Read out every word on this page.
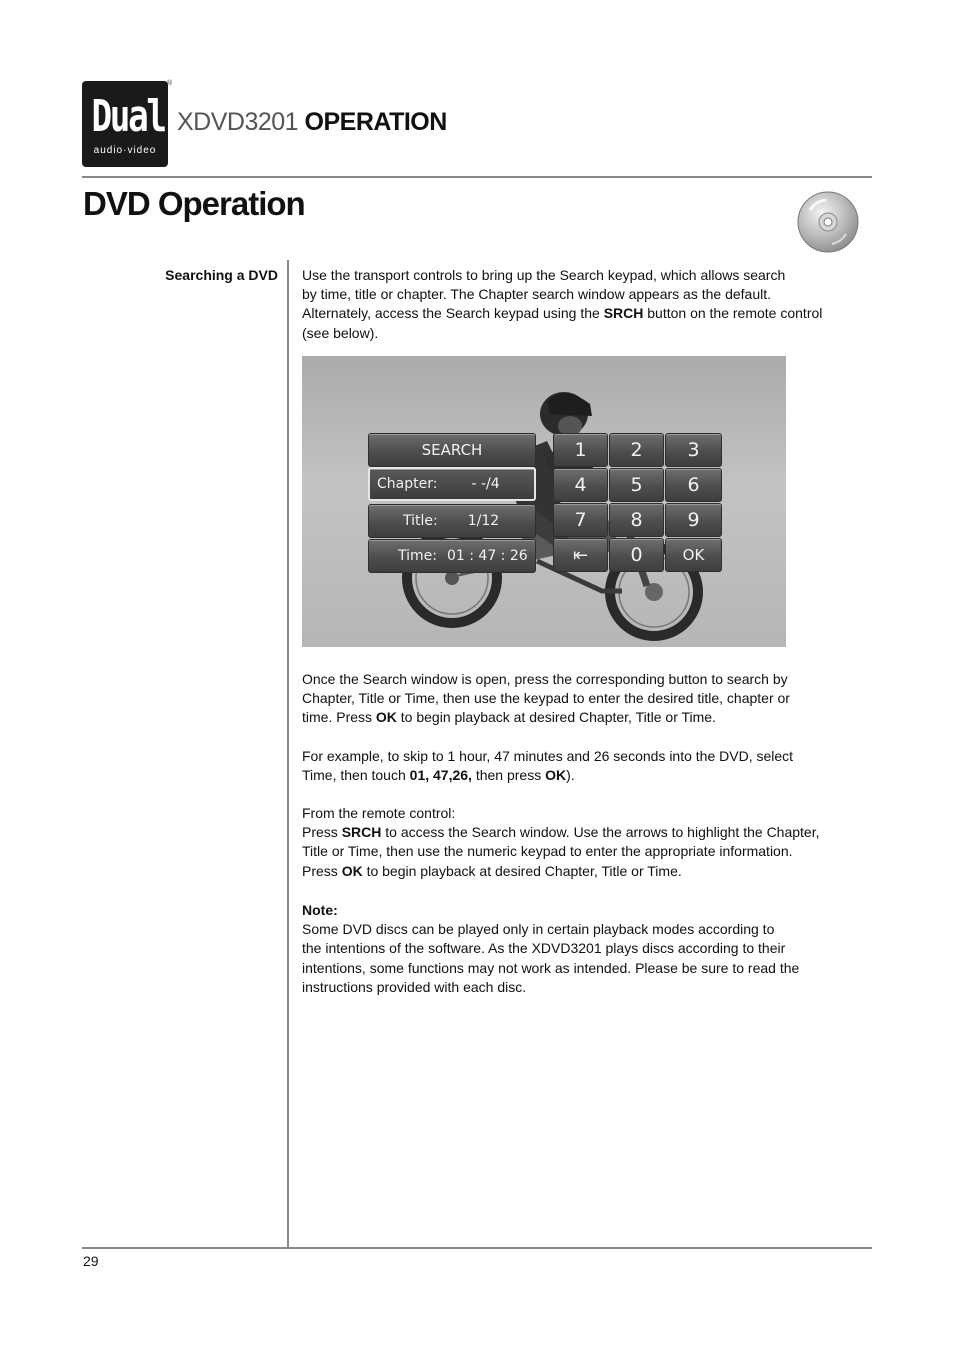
Dual
audio·video
®
XDVD3201 OPERATION
DVD Operation
Searching a DVD Use the transport controls to bring up the Search keypad, which allows search
by time, title or chapter. The Chapter search window appears as the default.
Alternately, access the Search keypad using the SRCH button on the remote control
(see below).
SEARCH
Chapter: - -/4
Title: 1/12
Time: 01 : 47 : 26
1	2	3
4	5	6
7	8	9
⇤	0	OK
Once the Search window is open, press the corresponding button to search by
Chapter, Title or Time, then use the keypad to enter the desired title, chapter or
time. Press OK to begin playback at desired Chapter, Title or Time.
For example, to skip to 1 hour, 47 minutes and 26 seconds into the DVD, select
Time, then touch 01, 47,26, then press OK).
From the remote control:
Press SRCH to access the Search window. Use the arrows to highlight the Chapter,
Title or Time, then use the numeric keypad to enter the appropriate information.
Press OK to begin playback at desired Chapter, Title or Time.
Note:
Some DVD discs can be played only in certain playback modes according to
the intentions of the software. As the XDVD3201 plays discs according to their
intentions, some functions may not work as intended. Please be sure to read the
instructions provided with each disc.
29
